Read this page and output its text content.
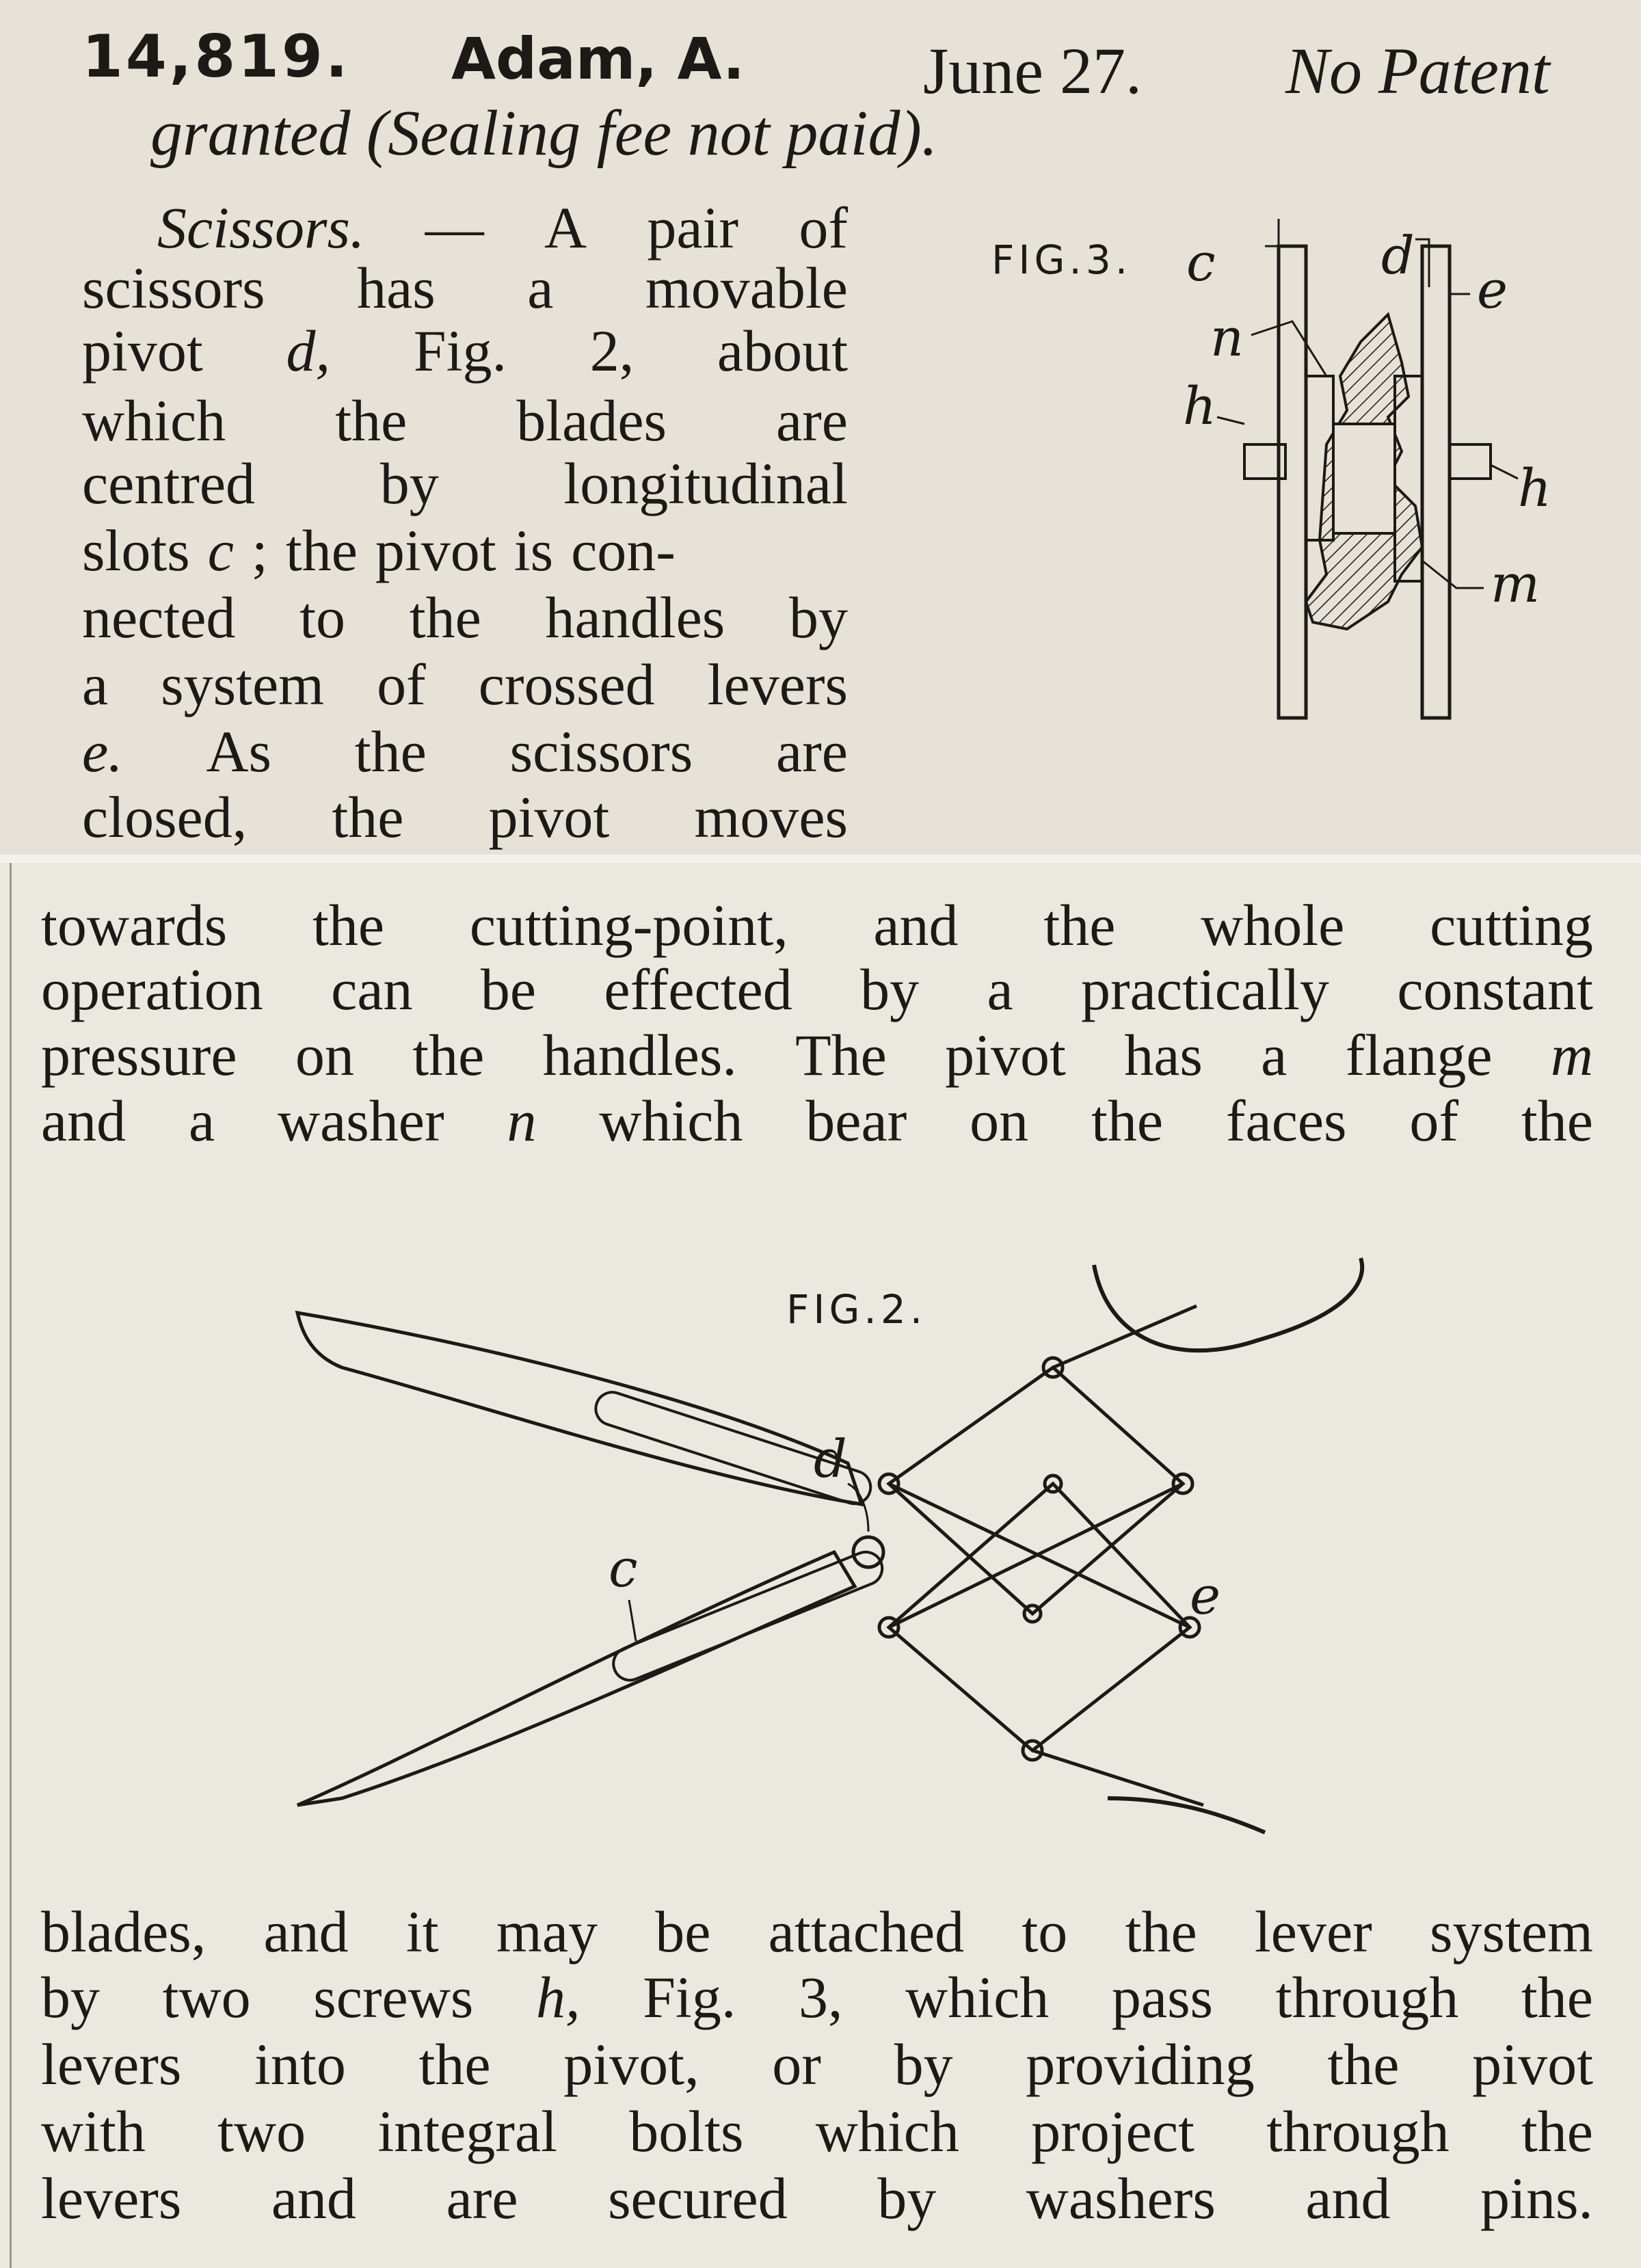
14,819. Adam, A.	June 27. No Patent
granted (Sealing fee not paid).
Scissors. — A pair of
scissors has a movable
pivot d, Fig. 2, about
which the blades are
centred by longitudinal
slots c ; the pivot is con-
nected to the handles by
a system of crossed levers
e. As the scissors are
closed, the pivot moves
FIG.3. c	d
e
n
h
h
m
towards the cutting-point, and the whole cutting
operation can be effected by a practically constant
pressure on the handles. The pivot has a flange m
and a washer n which bear on the faces of the
FIG.2.
d
c	e
blades, and it may be attached to the lever system
by two screws h, Fig. 3, which pass through the
levers into the pivot, or by providing the pivot
with two integral bolts which project through the
levers and are secured by washers and pins.
